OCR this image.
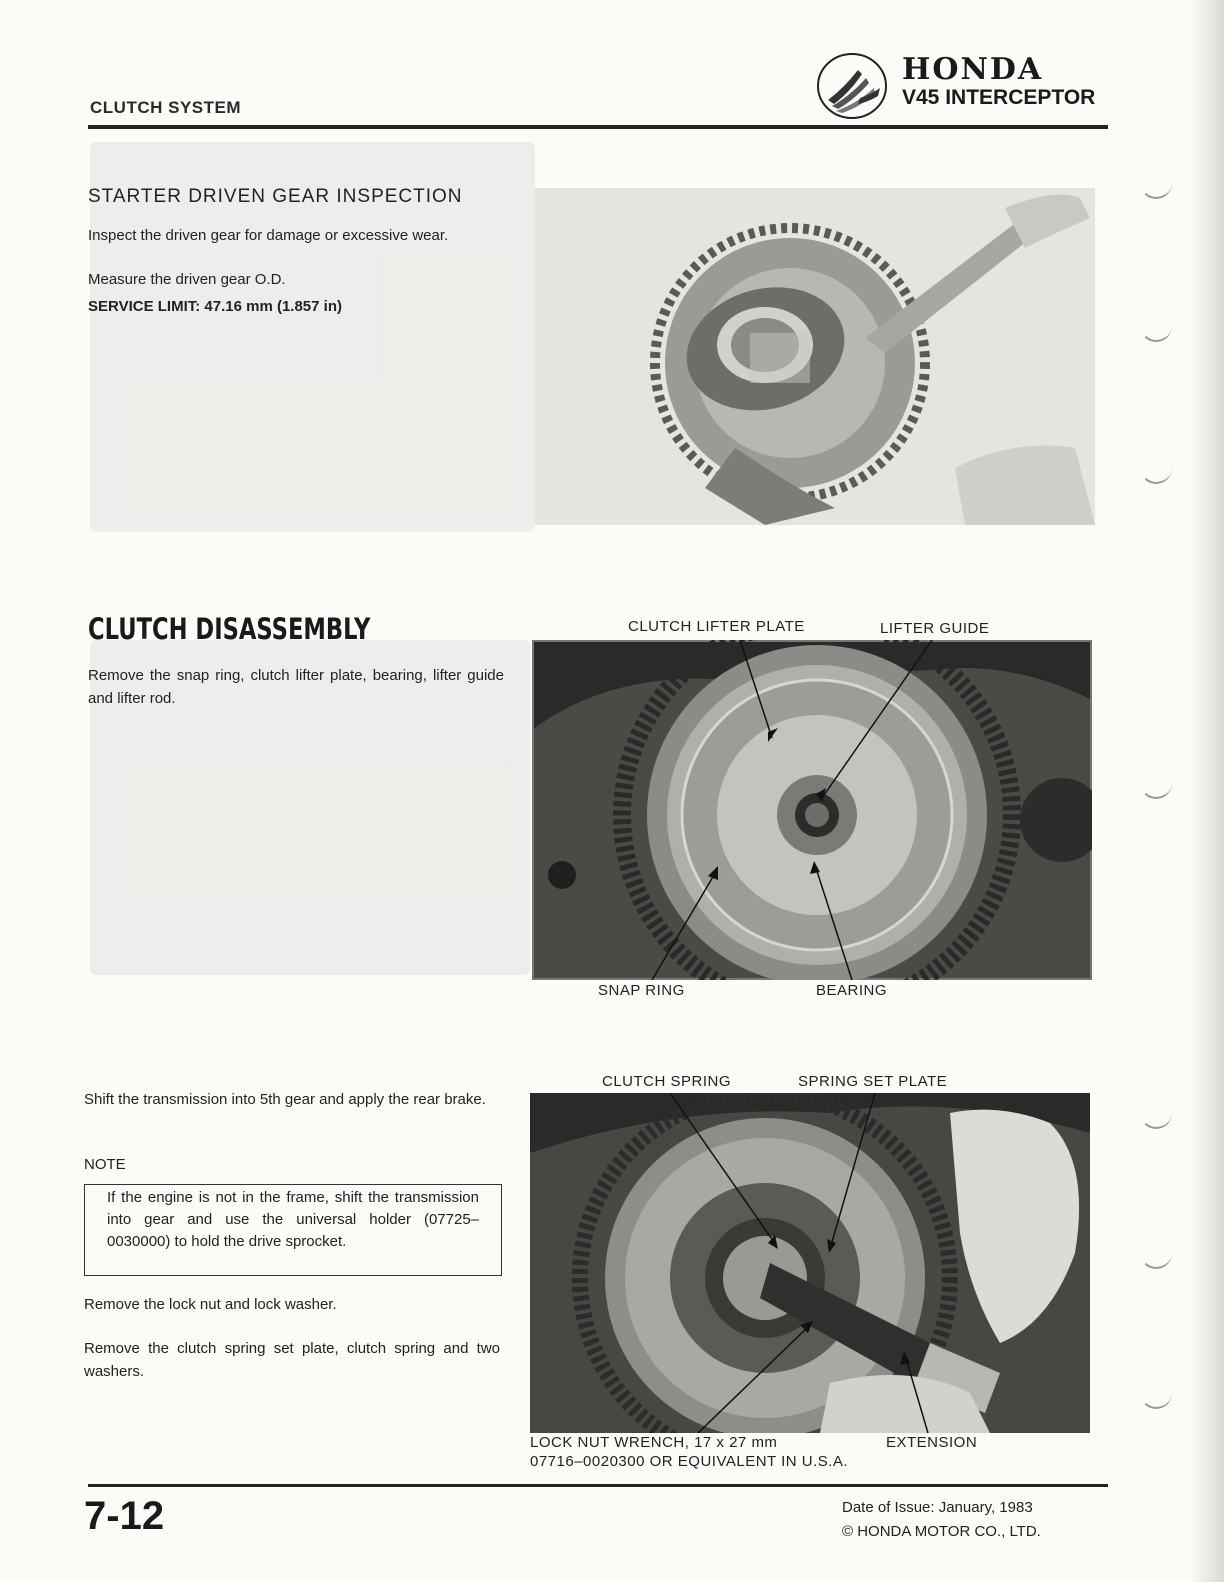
CLUTCH SYSTEM
HONDA
V45 INTERCEPTOR
STARTER DRIVEN GEAR INSPECTION
Inspect the driven gear for damage or excessive wear.
Measure the driven gear O.D.
SERVICE LIMIT: 47.16 mm (1.857 in)
CLUTCH DISASSEMBLY
Remove the snap ring, clutch lifter plate, bearing, lifter guide and lifter rod.
CLUTCH LIFTER PLATE	LIFTER GUIDE
SNAP RING	BEARING
Shift the transmission into 5th gear and apply the rear brake.
NOTE
If the engine is not in the frame, shift the transmission into gear and use the universal holder (07725–0030000) to hold the drive sprocket.
Remove the lock nut and lock washer.
Remove the clutch spring set plate, clutch spring and two washers.
CLUTCH SPRING	SPRING SET PLATE
LOCK NUT WRENCH, 17 x 27 mm
07716–0020300 OR EQUIVALENT IN U.S.A.
EXTENSION
7-12	Date of Issue: January, 1983
© HONDA MOTOR CO., LTD.
